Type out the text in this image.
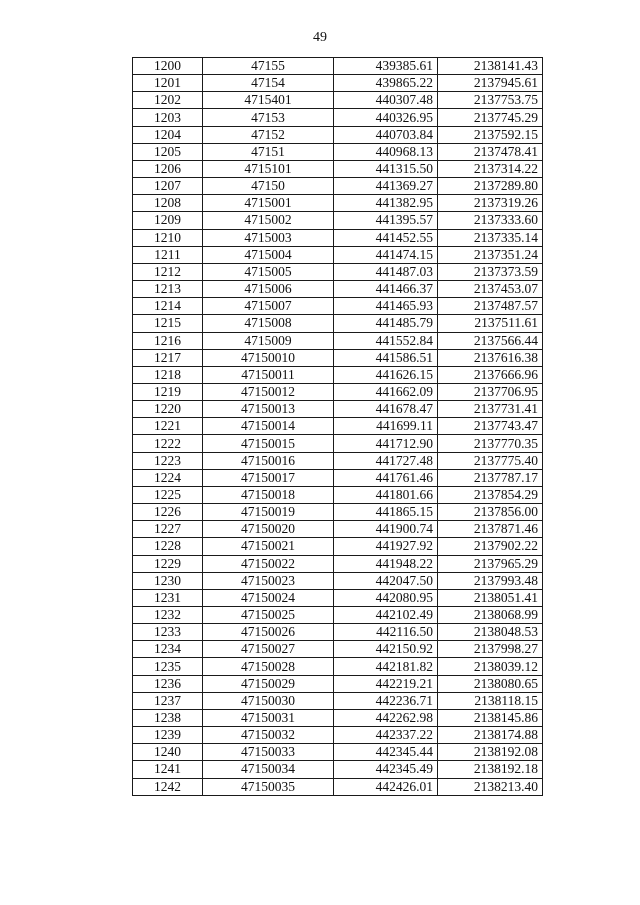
49
1200	47155	439385.61	2138141.43
1201	47154	439865.22	2137945.61
1202	4715401	440307.48	2137753.75
1203	47153	440326.95	2137745.29
1204	47152	440703.84	2137592.15
1205	47151	440968.13	2137478.41
1206	4715101	441315.50	2137314.22
1207	47150	441369.27	2137289.80
1208	4715001	441382.95	2137319.26
1209	4715002	441395.57	2137333.60
1210	4715003	441452.55	2137335.14
1211	4715004	441474.15	2137351.24
1212	4715005	441487.03	2137373.59
1213	4715006	441466.37	2137453.07
1214	4715007	441465.93	2137487.57
1215	4715008	441485.79	2137511.61
1216	4715009	441552.84	2137566.44
1217	47150010	441586.51	2137616.38
1218	47150011	441626.15	2137666.96
1219	47150012	441662.09	2137706.95
1220	47150013	441678.47	2137731.41
1221	47150014	441699.11	2137743.47
1222	47150015	441712.90	2137770.35
1223	47150016	441727.48	2137775.40
1224	47150017	441761.46	2137787.17
1225	47150018	441801.66	2137854.29
1226	47150019	441865.15	2137856.00
1227	47150020	441900.74	2137871.46
1228	47150021	441927.92	2137902.22
1229	47150022	441948.22	2137965.29
1230	47150023	442047.50	2137993.48
1231	47150024	442080.95	2138051.41
1232	47150025	442102.49	2138068.99
1233	47150026	442116.50	2138048.53
1234	47150027	442150.92	2137998.27
1235	47150028	442181.82	2138039.12
1236	47150029	442219.21	2138080.65
1237	47150030	442236.71	2138118.15
1238	47150031	442262.98	2138145.86
1239	47150032	442337.22	2138174.88
1240	47150033	442345.44	2138192.08
1241	47150034	442345.49	2138192.18
1242	47150035	442426.01	2138213.40
